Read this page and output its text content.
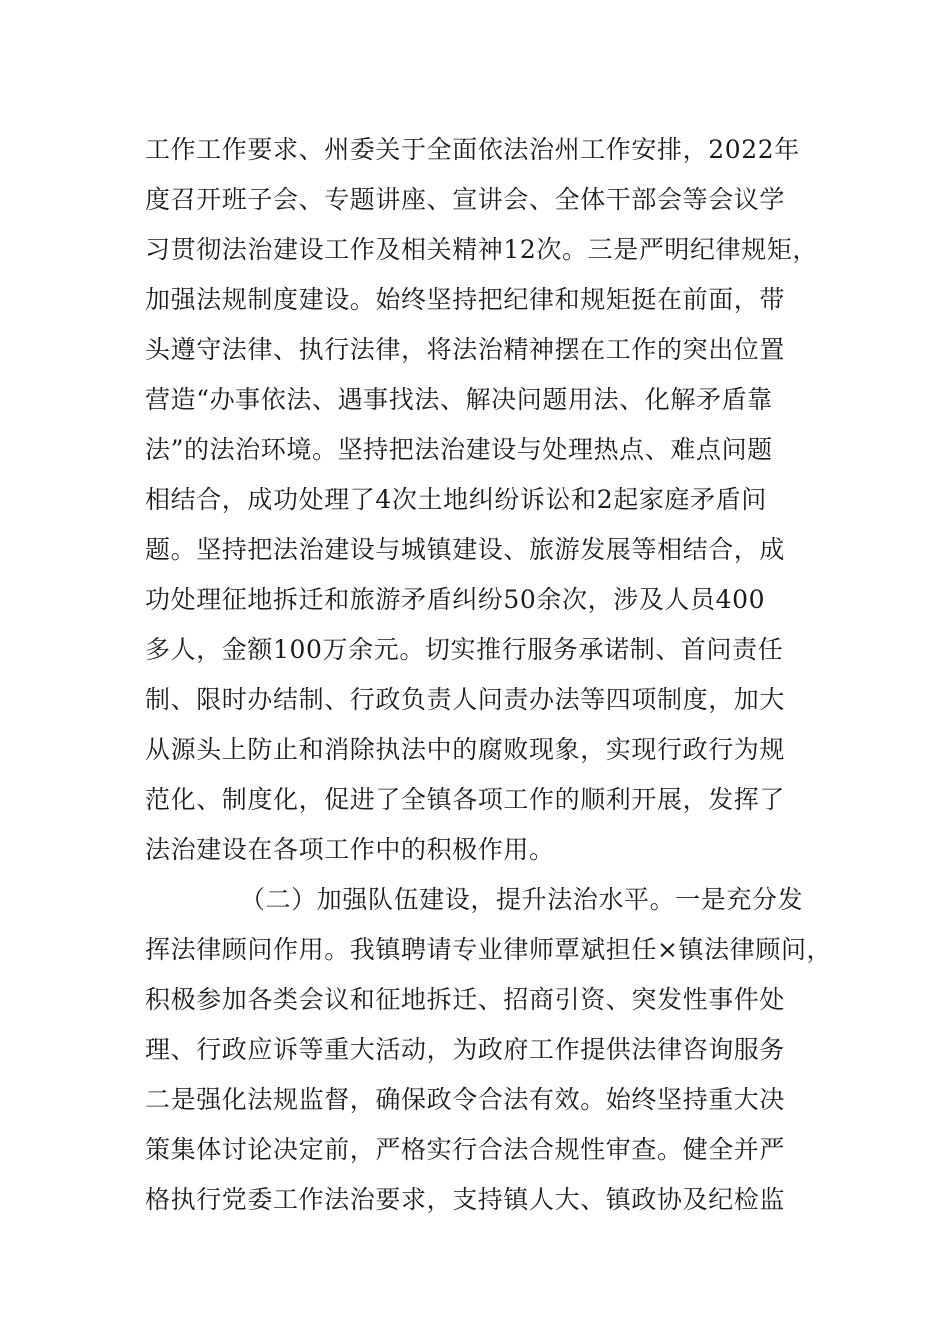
工作工作要求、州委关于全面依法治州工作安排，2022年
度召开班子会、专题讲座、宣讲会、全体干部会等会议学
习贯彻法治建设工作及相关精神12次。三是严明纪律规矩，
加强法规制度建设。始终坚持把纪律和规矩挺在前面，带
头遵守法律、执行法律，将法治精神摆在工作的突出位置
营造“办事依法、遇事找法、解决问题用法、化解矛盾靠
法”的法治环境。坚持把法治建设与处理热点、难点问题
相结合，成功处理了4次土地纠纷诉讼和2起家庭矛盾问
题。坚持把法治建设与城镇建设、旅游发展等相结合，成
功处理征地拆迁和旅游矛盾纠纷50余次，涉及人员400
多人，金额100万余元。切实推行服务承诺制、首问责任
制、限时办结制、行政负责人问责办法等四项制度，加大
从源头上防止和消除执法中的腐败现象，实现行政行为规
范化、制度化，促进了全镇各项工作的顺利开展，发挥了
法治建设在各项工作中的积极作用。
（二）加强队伍建设，提升法治水平。一是充分发
挥法律顾问作用。我镇聘请专业律师覃斌担任×镇法律顾问，
积极参加各类会议和征地拆迁、招商引资、突发性事件处
理、行政应诉等重大活动，为政府工作提供法律咨询服务
二是强化法规监督，确保政令合法有效。始终坚持重大决
策集体讨论决定前，严格实行合法合规性审查。健全并严
格执行党委工作法治要求，支持镇人大、镇政协及纪检监
